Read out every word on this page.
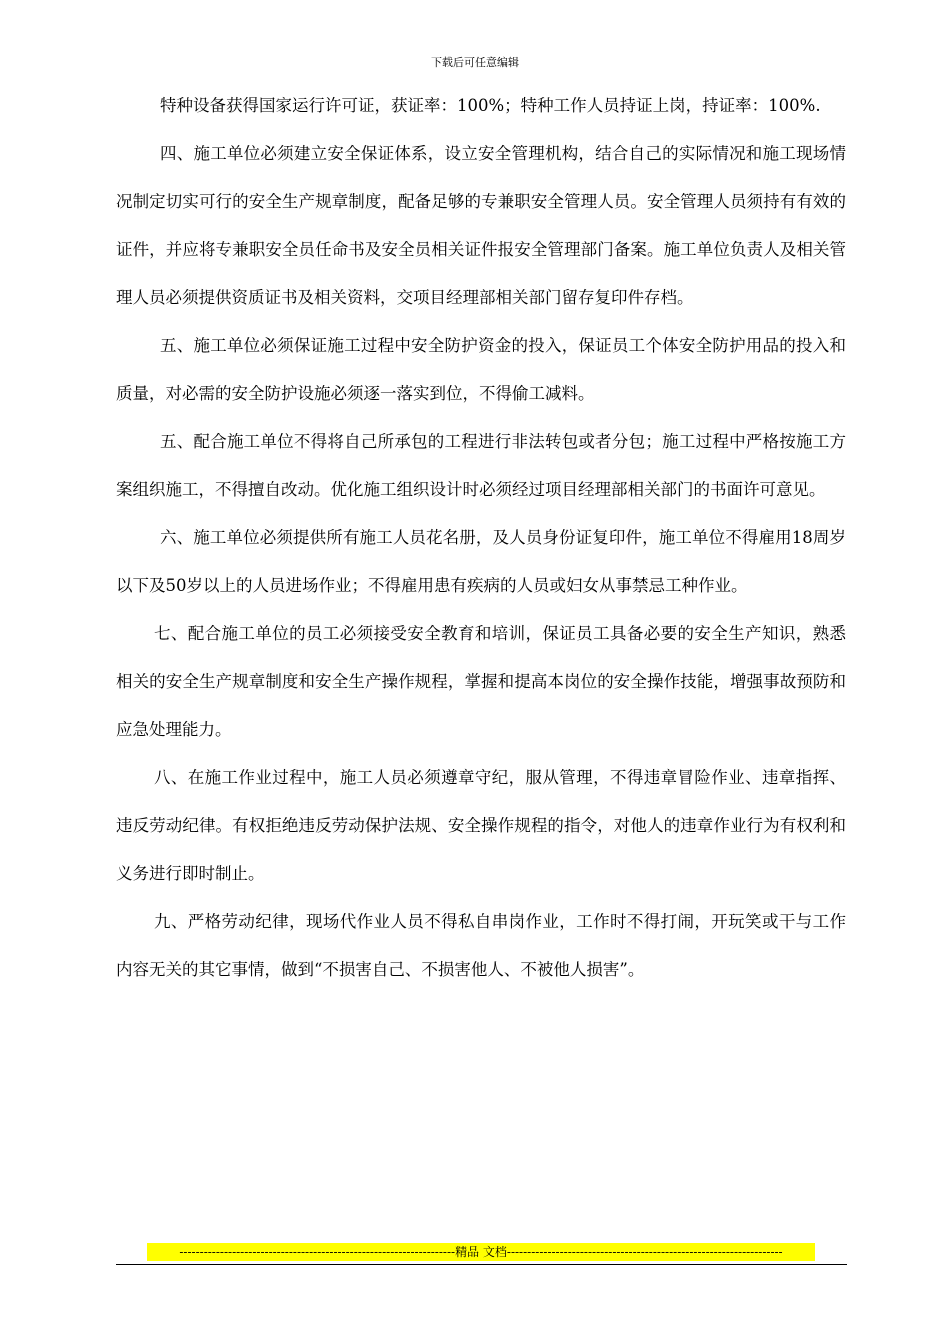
下载后可任意编辑

特种设备获得国家运行许可证，获证率：100%；特种工作人员持证上岗，持证率：100%.

四、施工单位必须建立安全保证体系，设立安全管理机构，结合自己的实际情况和施工现场情况制定切实可行的安全生产规章制度，配备足够的专兼职安全管理人员。安全管理人员须持有有效的证件，并应将专兼职安全员任命书及安全员相关证件报安全管理部门备案。施工单位负责人及相关管理人员必须提供资质证书及相关资料，交项目经理部相关部门留存复印件存档。

五、施工单位必须保证施工过程中安全防护资金的投入，保证员工个体安全防护用品的投入和质量，对必需的安全防护设施必须逐一落实到位，不得偷工减料。

五、配合施工单位不得将自己所承包的工程进行非法转包或者分包；施工过程中严格按施工方案组织施工，不得擅自改动。优化施工组织设计时必须经过项目经理部相关部门的书面许可意见。

六、施工单位必须提供所有施工人员花名册，及人员身份证复印件，施工单位不得雇用18周岁以下及50岁以上的人员进场作业；不得雇用患有疾病的人员或妇女从事禁忌工种作业。

七、配合施工单位的员工必须接受安全教育和培训，保证员工具备必要的安全生产知识，熟悉相关的安全生产规章制度和安全生产操作规程，掌握和提高本岗位的安全操作技能，增强事故预防和应急处理能力。

八、在施工作业过程中，施工人员必须遵章守纪，服从管理，不得违章冒险作业、违章指挥、违反劳动纪律。有权拒绝违反劳动保护法规、安全操作规程的指令，对他人的违章作业行为有权利和义务进行即时制止。

九、严格劳动纪律，现场代作业人员不得私自串岗作业，工作时不得打闹，开玩笑或干与工作内容无关的其它事情，做到“不损害自己、不损害他人、不被他人损害”。

--------------------------------------------------------------------精品 文档--------------------------------------------------------------------
